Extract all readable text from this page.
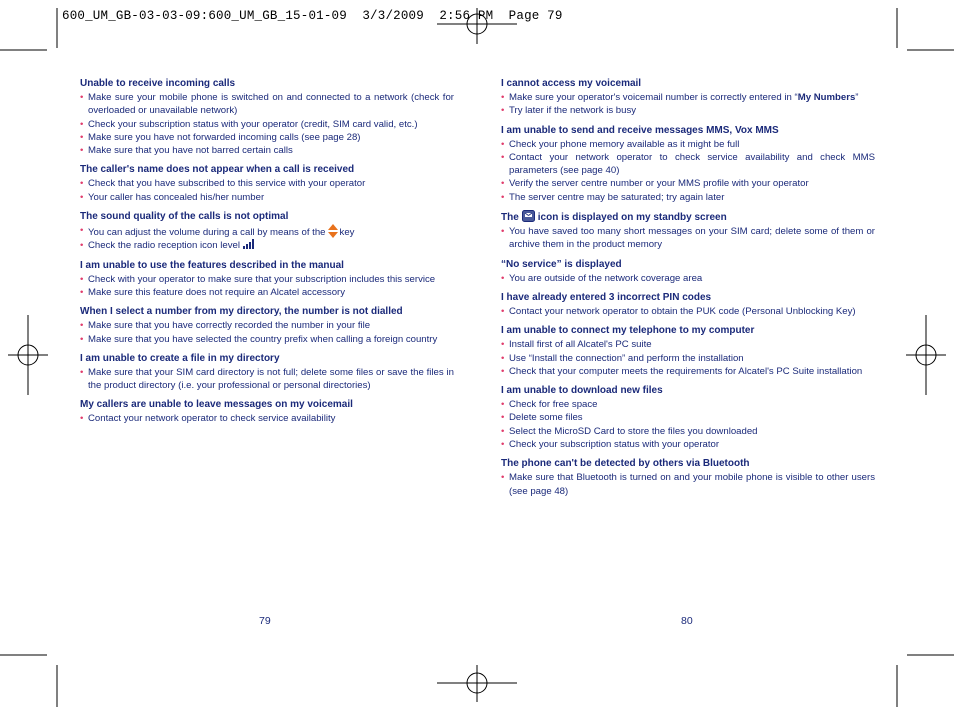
600_UM_GB-03-03-09:600_UM_GB_15-01-09  3/3/2009  2:56 PM  Page 79
Unable to receive incoming calls
• Make sure your mobile phone is switched on and connected to a network (check for overloaded or unavailable network)
• Check your subscription status with your operator (credit, SIM card valid, etc.)
• Make sure you have not forwarded incoming calls (see page 28)
• Make sure that you have not barred certain calls
The caller's name does not appear when a call is received
• Check that you have subscribed to this service with your operator
• Your caller has concealed his/her number
The sound quality of the calls is not optimal
• You can adjust the volume during a call by means of the key
• Check the radio reception icon level
I am unable to use the features described in the manual
• Check with your operator to make sure that your subscription includes this service
• Make sure this feature does not require an Alcatel accessory
When I select a number from my directory, the number is not dialled
• Make sure that you have correctly recorded the number in your file
• Make sure that you have selected the country prefix when calling a foreign country
I am unable to create a file in my directory
• Make sure that your SIM card directory is not full; delete some files or save the files in the product directory (i.e. your professional or personal directories)
My callers are unable to leave messages on my voicemail
• Contact your network operator to check service availability
79
I cannot access my voicemail
• Make sure your operator's voicemail number is correctly entered in “My Numbers”
• Try later if the network is busy
I am unable to send and receive messages MMS, Vox MMS
• Check your phone memory available as it might be full
• Contact your network operator to check service availability and check MMS parameters (see page 40)
• Verify the server centre number or your MMS profile with your operator
• The server centre may be saturated; try again later
The icon is displayed on my standby screen
• You have saved too many short messages on your SIM card; delete some of them or archive them in the product memory
“No service” is displayed
• You are outside of the network coverage area
I have already entered 3 incorrect PIN codes
• Contact your network operator to obtain the PUK code (Personal Unblocking Key)
I am unable to connect my telephone to my computer
• Install first of all Alcatel's PC suite
• Use “Install the connection” and perform the installation
• Check that your computer meets the requirements for Alcatel's PC Suite installation
I am unable to download new files
• Check for free space
• Delete some files
• Select the MicroSD Card to store the files you downloaded
• Check your subscription status with your operator
The phone can't be detected by others via Bluetooth
• Make sure that Bluetooth is turned on and your mobile phone is visible to other users (see page 48)
80
